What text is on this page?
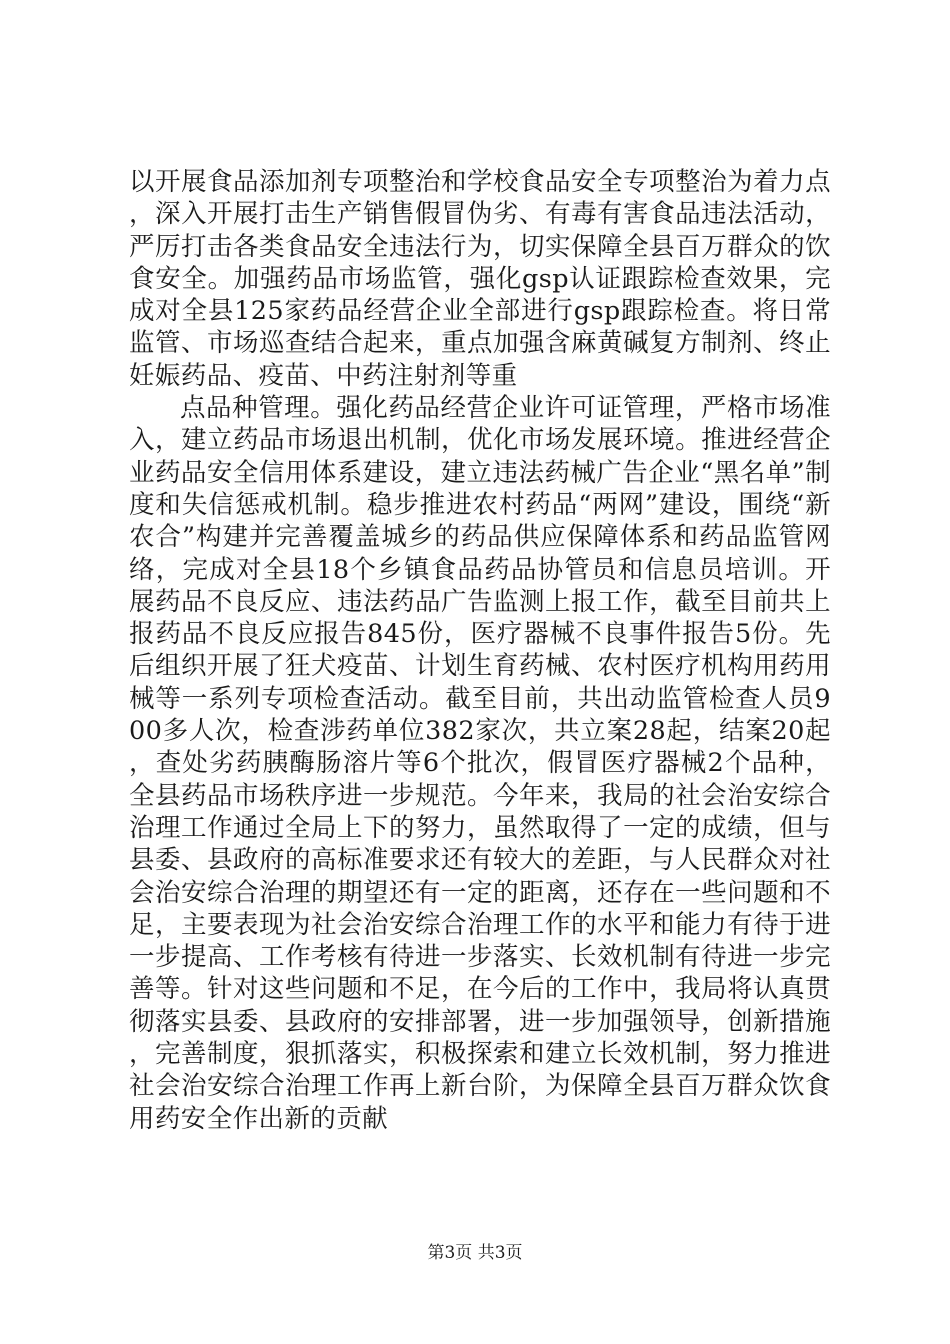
以开展食品添加剂专项整治和学校食品安全专项整治为着力点，深入开展打击生产销售假冒伪劣、有毒有害食品违法活动，严厉打击各类食品安全违法行为，切实保障全县百万群众的饮食安全。加强药品市场监管，强化gsp认证跟踪检查效果，完成对全县125家药品经营企业全部进行gsp跟踪检查。将日常监管、市场巡查结合起来，重点加强含麻黄碱复方制剂、终止妊娠药品、疫苗、中药注射剂等重

点品种管理。强化药品经营企业许可证管理，严格市场准入，建立药品市场退出机制，优化市场发展环境。推进经营企业药品安全信用体系建设，建立违法药械广告企业“黑名单”制度和失信惩戒机制。稳步推进农村药品“两网”建设，围绕“新农合”构建并完善覆盖城乡的药品供应保障体系和药品监管网络，完成对全县18个乡镇食品药品协管员和信息员培训。开展药品不良反应、违法药品广告监测上报工作，截至目前共上报药品不良反应报告845份，医疗器械不良事件报告5份。先后组织开展了狂犬疫苗、计划生育药械、农村医疗机构用药用械等一系列专项检查活动。截至目前，共出动监管检查人员900多人次，检查涉药单位382家次，共立案28起，结案20起，查处劣药胰酶肠溶片等6个批次，假冒医疗器械2个品种，全县药品市场秩序进一步规范。今年来，我局的社会治安综合治理工作通过全局上下的努力，虽然取得了一定的成绩，但与县委、县政府的高标准要求还有较大的差距，与人民群众对社会治安综合治理的期望还有一定的距离，还存在一些问题和不足，主要表现为社会治安综合治理工作的水平和能力有待于进一步提高、工作考核有待进一步落实、长效机制有待进一步完善等。针对这些问题和不足，在今后的工作中，我局将认真贯彻落实县委、县政府的安排部署，进一步加强领导，创新措施，完善制度，狠抓落实，积极探索和建立长效机制，努力推进社会治安综合治理工作再上新台阶，为保障全县百万群众饮食用药安全作出新的贡献

第3页 共3页
